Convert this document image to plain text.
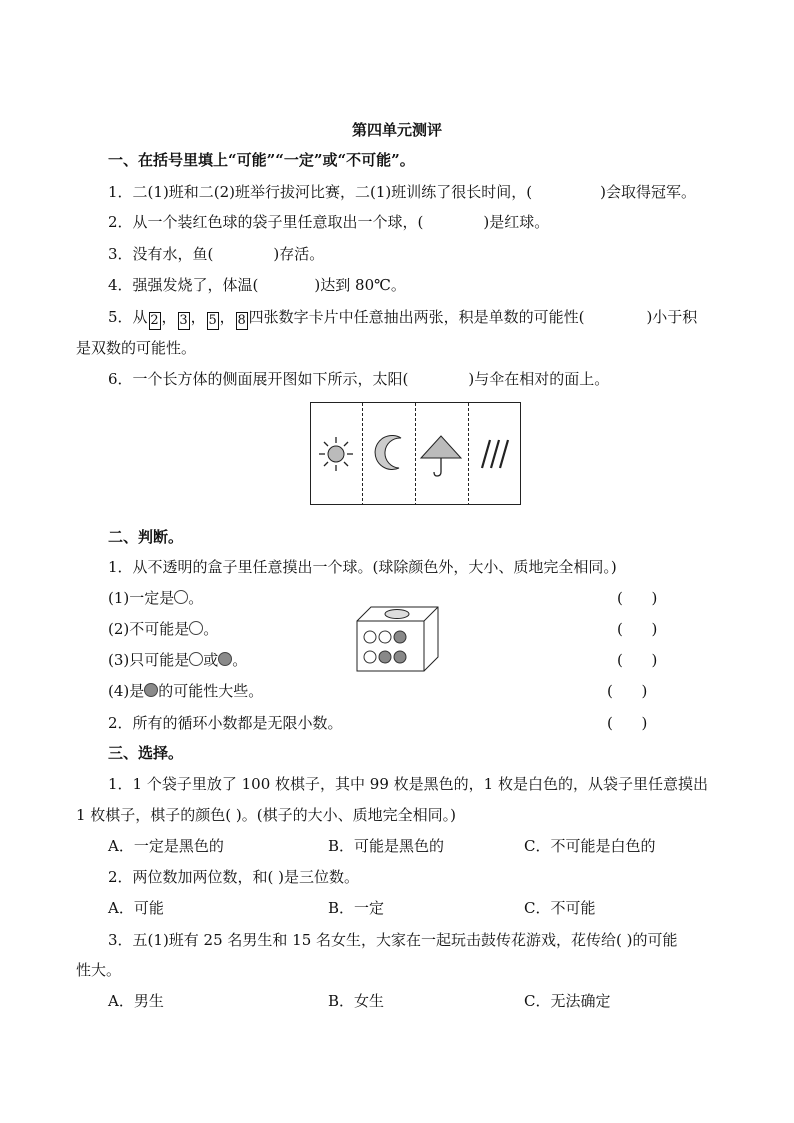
第四单元测评
一、在括号里填上“可能”“一定”或“不可能”。
1．二(1)班和二(2)班举行拔河比赛，二(1)班训练了很长时间，(	)会取得冠军。
2．从一个装红色球的袋子里任意取出一个球，(	)是红球。
3．没有水，鱼(	)存活。
4．强强发烧了，体温(	)达到 80℃。
5．从 2 ， 3 ， 5 ， 8 四张数字卡片中任意抽出两张，积是单数的可能性(	)小于积
是双数的可能性。
6．一个长方体的侧面展开图如下所示，太阳(	)与伞在相对的面上。
二、判断。
1．从不透明的盒子里任意摸出一个球。(球除颜色外，大小、质地完全相同。)
(1)一定是 。	(      )
(2)不可能是 。	(      )
(3)只可能是 或 。	(      )
(4)是 的可能性大些。	(      )
2．所有的循环小数都是无限小数。	(      )
三、选择。
1．1 个袋子里放了 100 枚棋子，其中 99 枚是黑色的，1 枚是白色的，从袋子里任意摸出
1 枚棋子，棋子的颜色( )。(棋子的大小、质地完全相同。)
A．一定是黑色的	B．可能是黑色的	C．不可能是白色的
2．两位数加两位数，和( )是三位数。
A．可能	B．一定	C．不可能
3．五(1)班有 25 名男生和 15 名女生，大家在一起玩击鼓传花游戏，花传给( )的可能
性大。
A．男生	B．女生	C．无法确定
